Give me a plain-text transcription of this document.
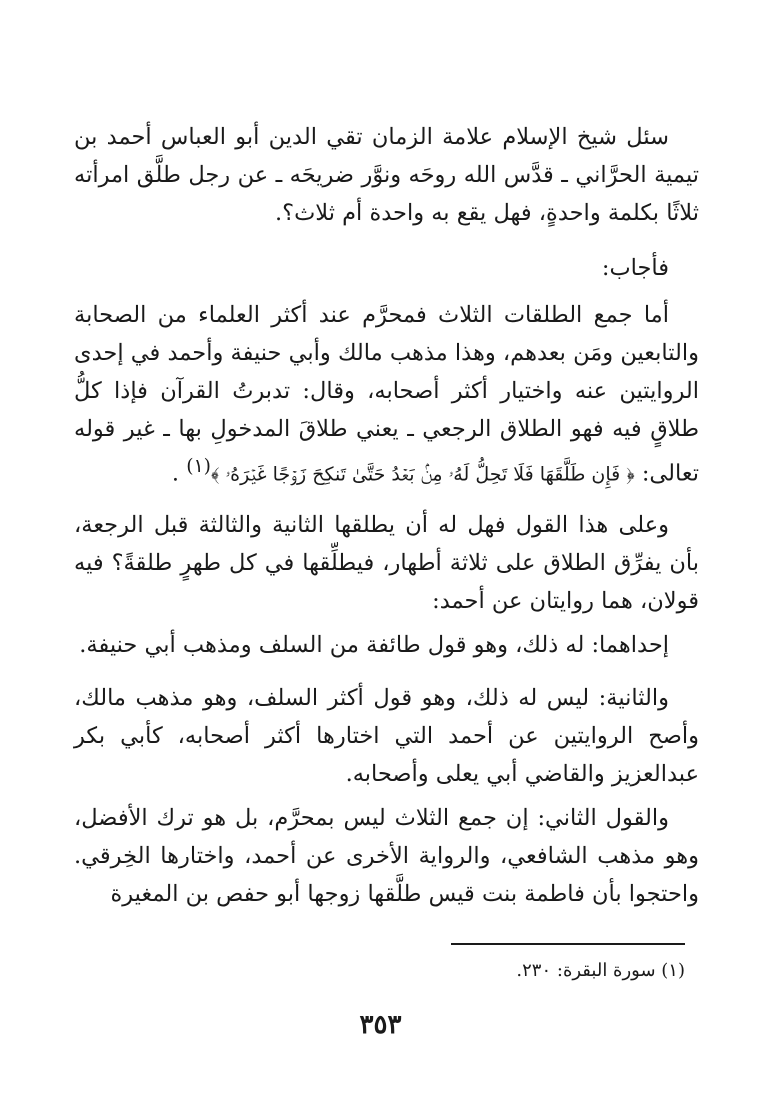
سئل شيخ الإسلام علامة الزمان تقي الدين أبو العباس أحمد بن تيمية الحرَّاني ـ قدَّس الله روحَه ونوَّر ضريحَه ـ عن رجل طلَّق امرأته ثلاثًا بكلمة واحدةٍ، فهل يقع به واحدة أم ثلاث؟.

فأجاب:

أما جمع الطلقات الثلاث فمحرَّم عند أكثر العلماء من الصحابة والتابعين ومَن بعدهم، وهذا مذهب مالك وأبي حنيفة وأحمد في إحدى الروايتين عنه واختيار أكثر أصحابه، وقال: تدبرتُ القرآن فإذا كلُّ طلاقٍ فيه فهو الطلاق الرجعي ـ يعني طلاقَ المدخولِ بها ـ غير قوله تعالى: ﴿ فَإِن طَلَّقَهَا فَلَا تَحِلُّ لَهُۥ مِنۢ بَعۡدُ حَتَّىٰ تَنكِحَ زَوۡجًا غَيۡرَهُۥ ﴾$^{(١)}$ .

وعلى هذا القول فهل له أن يطلقها الثانية والثالثة قبل الرجعة، بأن يفرِّق الطلاق على ثلاثة أطهار، فيطلِّقها في كل طهرٍ طلقةً؟ فيه قولان، هما روايتان عن أحمد:

إحداهما: له ذلك، وهو قول طائفة من السلف ومذهب أبي حنيفة.

والثانية: ليس له ذلك، وهو قول أكثر السلف، وهو مذهب مالك، وأصح الروايتين عن أحمد التي اختارها أكثر أصحابه، كأبي بكر عبدالعزيز والقاضي أبي يعلى وأصحابه.

والقول الثاني: إن جمع الثلاث ليس بمحرَّم، بل هو ترك الأفضل، وهو مذهب الشافعي، والرواية الأخرى عن أحمد، واختارها الخِرقي. واحتجوا بأن فاطمة بنت قيس طلَّقها زوجها أبو حفص بن المغيرة

(١) سورة البقرة: ٢٣٠.
٣٥٣
